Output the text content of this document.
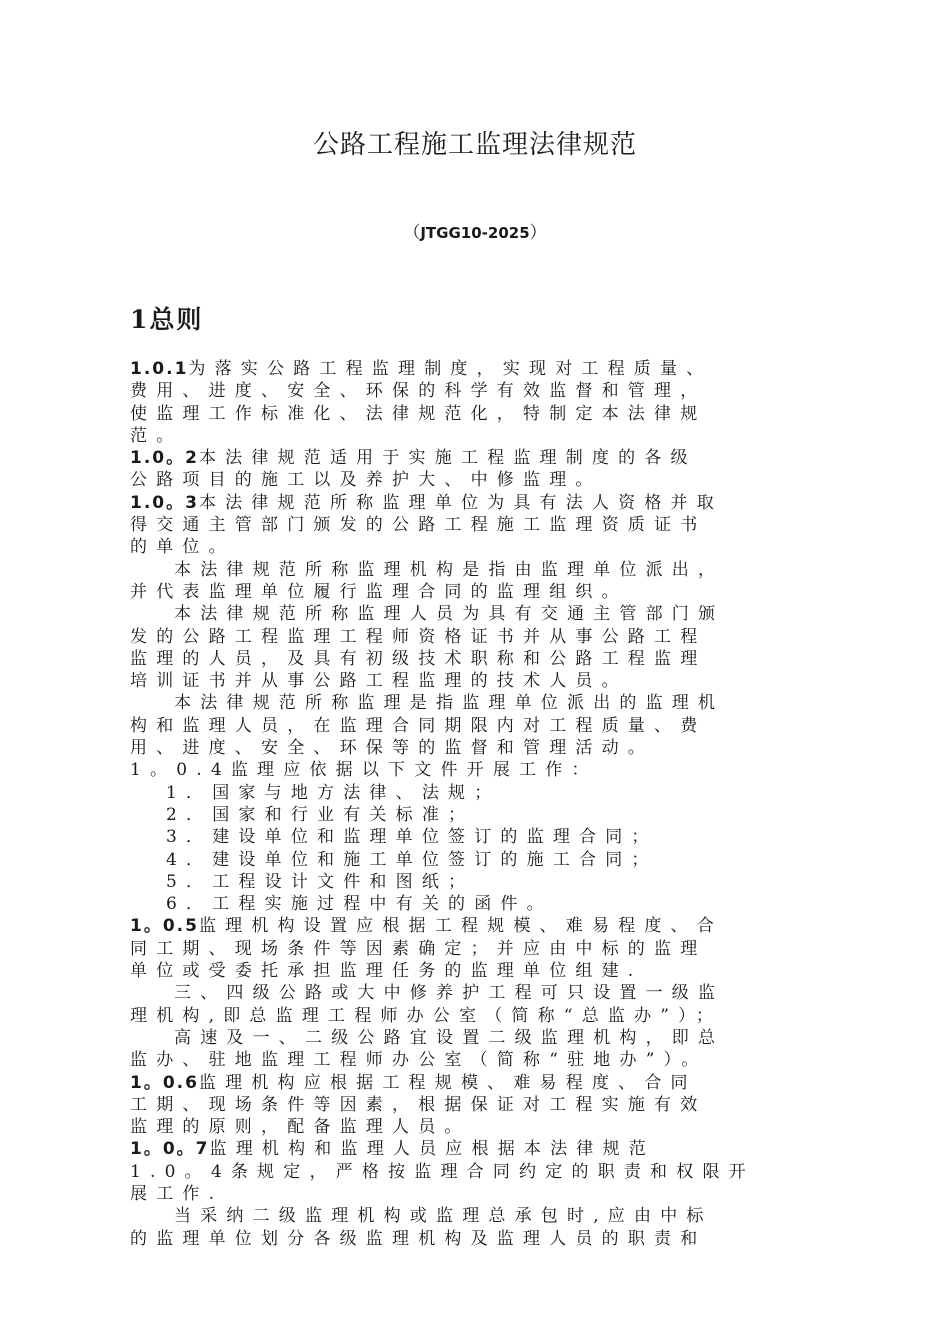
公路工程施工监理法律规范
（JTGG10-2025）
1总则
1.0.1为落实公路工程监理制度，实现对工程质量、
费用、进度、安全、环保的科学有效监督和管理，
使监理工作标准化、法律规范化，特制定本法律规
范。
1.0。2本法律规范适用于实施工程监理制度的各级
公路项目的施工以及养护大、中修监理。
1.0。3本法律规范所称监理单位为具有法人资格并取
得交通主管部门颁发的公路工程施工监理资质证书
的单位。
本法律规范所称监理机构是指由监理单位派出，
并代表监理单位履行监理合同的监理组织。
本法律规范所称监理人员为具有交通主管部门颁
发的公路工程监理工程师资格证书并从事公路工程
监理的人员，及具有初级技术职称和公路工程监理
培训证书并从事公路工程监理的技术人员。
本法律规范所称监理是指监理单位派出的监理机
构和监理人员，在监理合同期限内对工程质量、费
用、进度、安全、环保等的监督和管理活动。
1。0.4监理应依据以下文件开展工作：
1．国家与地方法律、法规；
2．国家和行业有关标准；
3．建设单位和监理单位签订的监理合同；
4．建设单位和施工单位签订的施工合同；
5．工程设计文件和图纸；
6．工程实施过程中有关的函件。
1。0.5监理机构设置应根据工程规模、难易程度、合
同工期、现场条件等因素确定；并应由中标的监理
单位或受委托承担监理任务的监理单位组建.
三、四级公路或大中修养护工程可只设置一级监
理机构,即总监理工程师办公室（简称“总监办”）；
高速及一、二级公路宜设置二级监理机构，即总
监办、驻地监理工程师办公室（简称“驻地办”）。
1。0.6监理机构应根据工程规模、难易程度、合同
工期、现场条件等因素，根据保证对工程实施有效
监理的原则，配备监理人员。
1。0。7监理机构和监理人员应根据本法律规范
1.0。4条规定，严格按监理合同约定的职责和权限开
展工作.
当采纳二级监理机构或监理总承包时,应由中标
的监理单位划分各级监理机构及监理人员的职责和
